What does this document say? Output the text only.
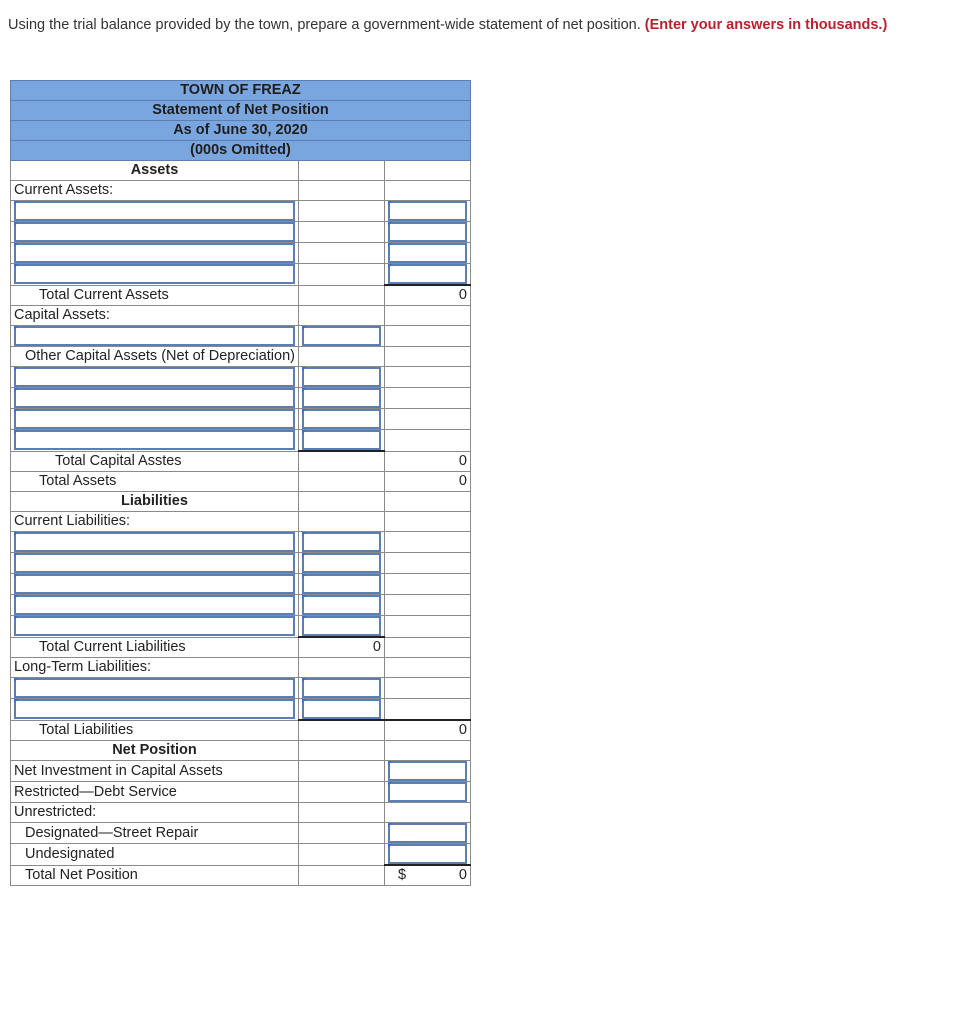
Using the trial balance provided by the town, prepare a government-wide statement of net position. (Enter your answers in thousands.)
TOWN OF FREAZ		
Statement of Net Position		
As of June 30, 2020		
(000s Omitted)		
Assets		
Current Assets:		

Total Current Assets		0
Capital Assets:		

Other Capital Assets (Net of Depreciation)		

Total Capital Asstes		0
Total Assets		0
Liabilities		
Current Liabilities:		

Total Current Liabilities	0	
Long-Term Liabilities:		

Total Liabilities		0
Net Position		
Net Investment in Capital Assets		

Restricted—Debt Service		

Unrestricted:		
Designated—Street Repair		

Undesignated		

Total Net Position		$ 0
